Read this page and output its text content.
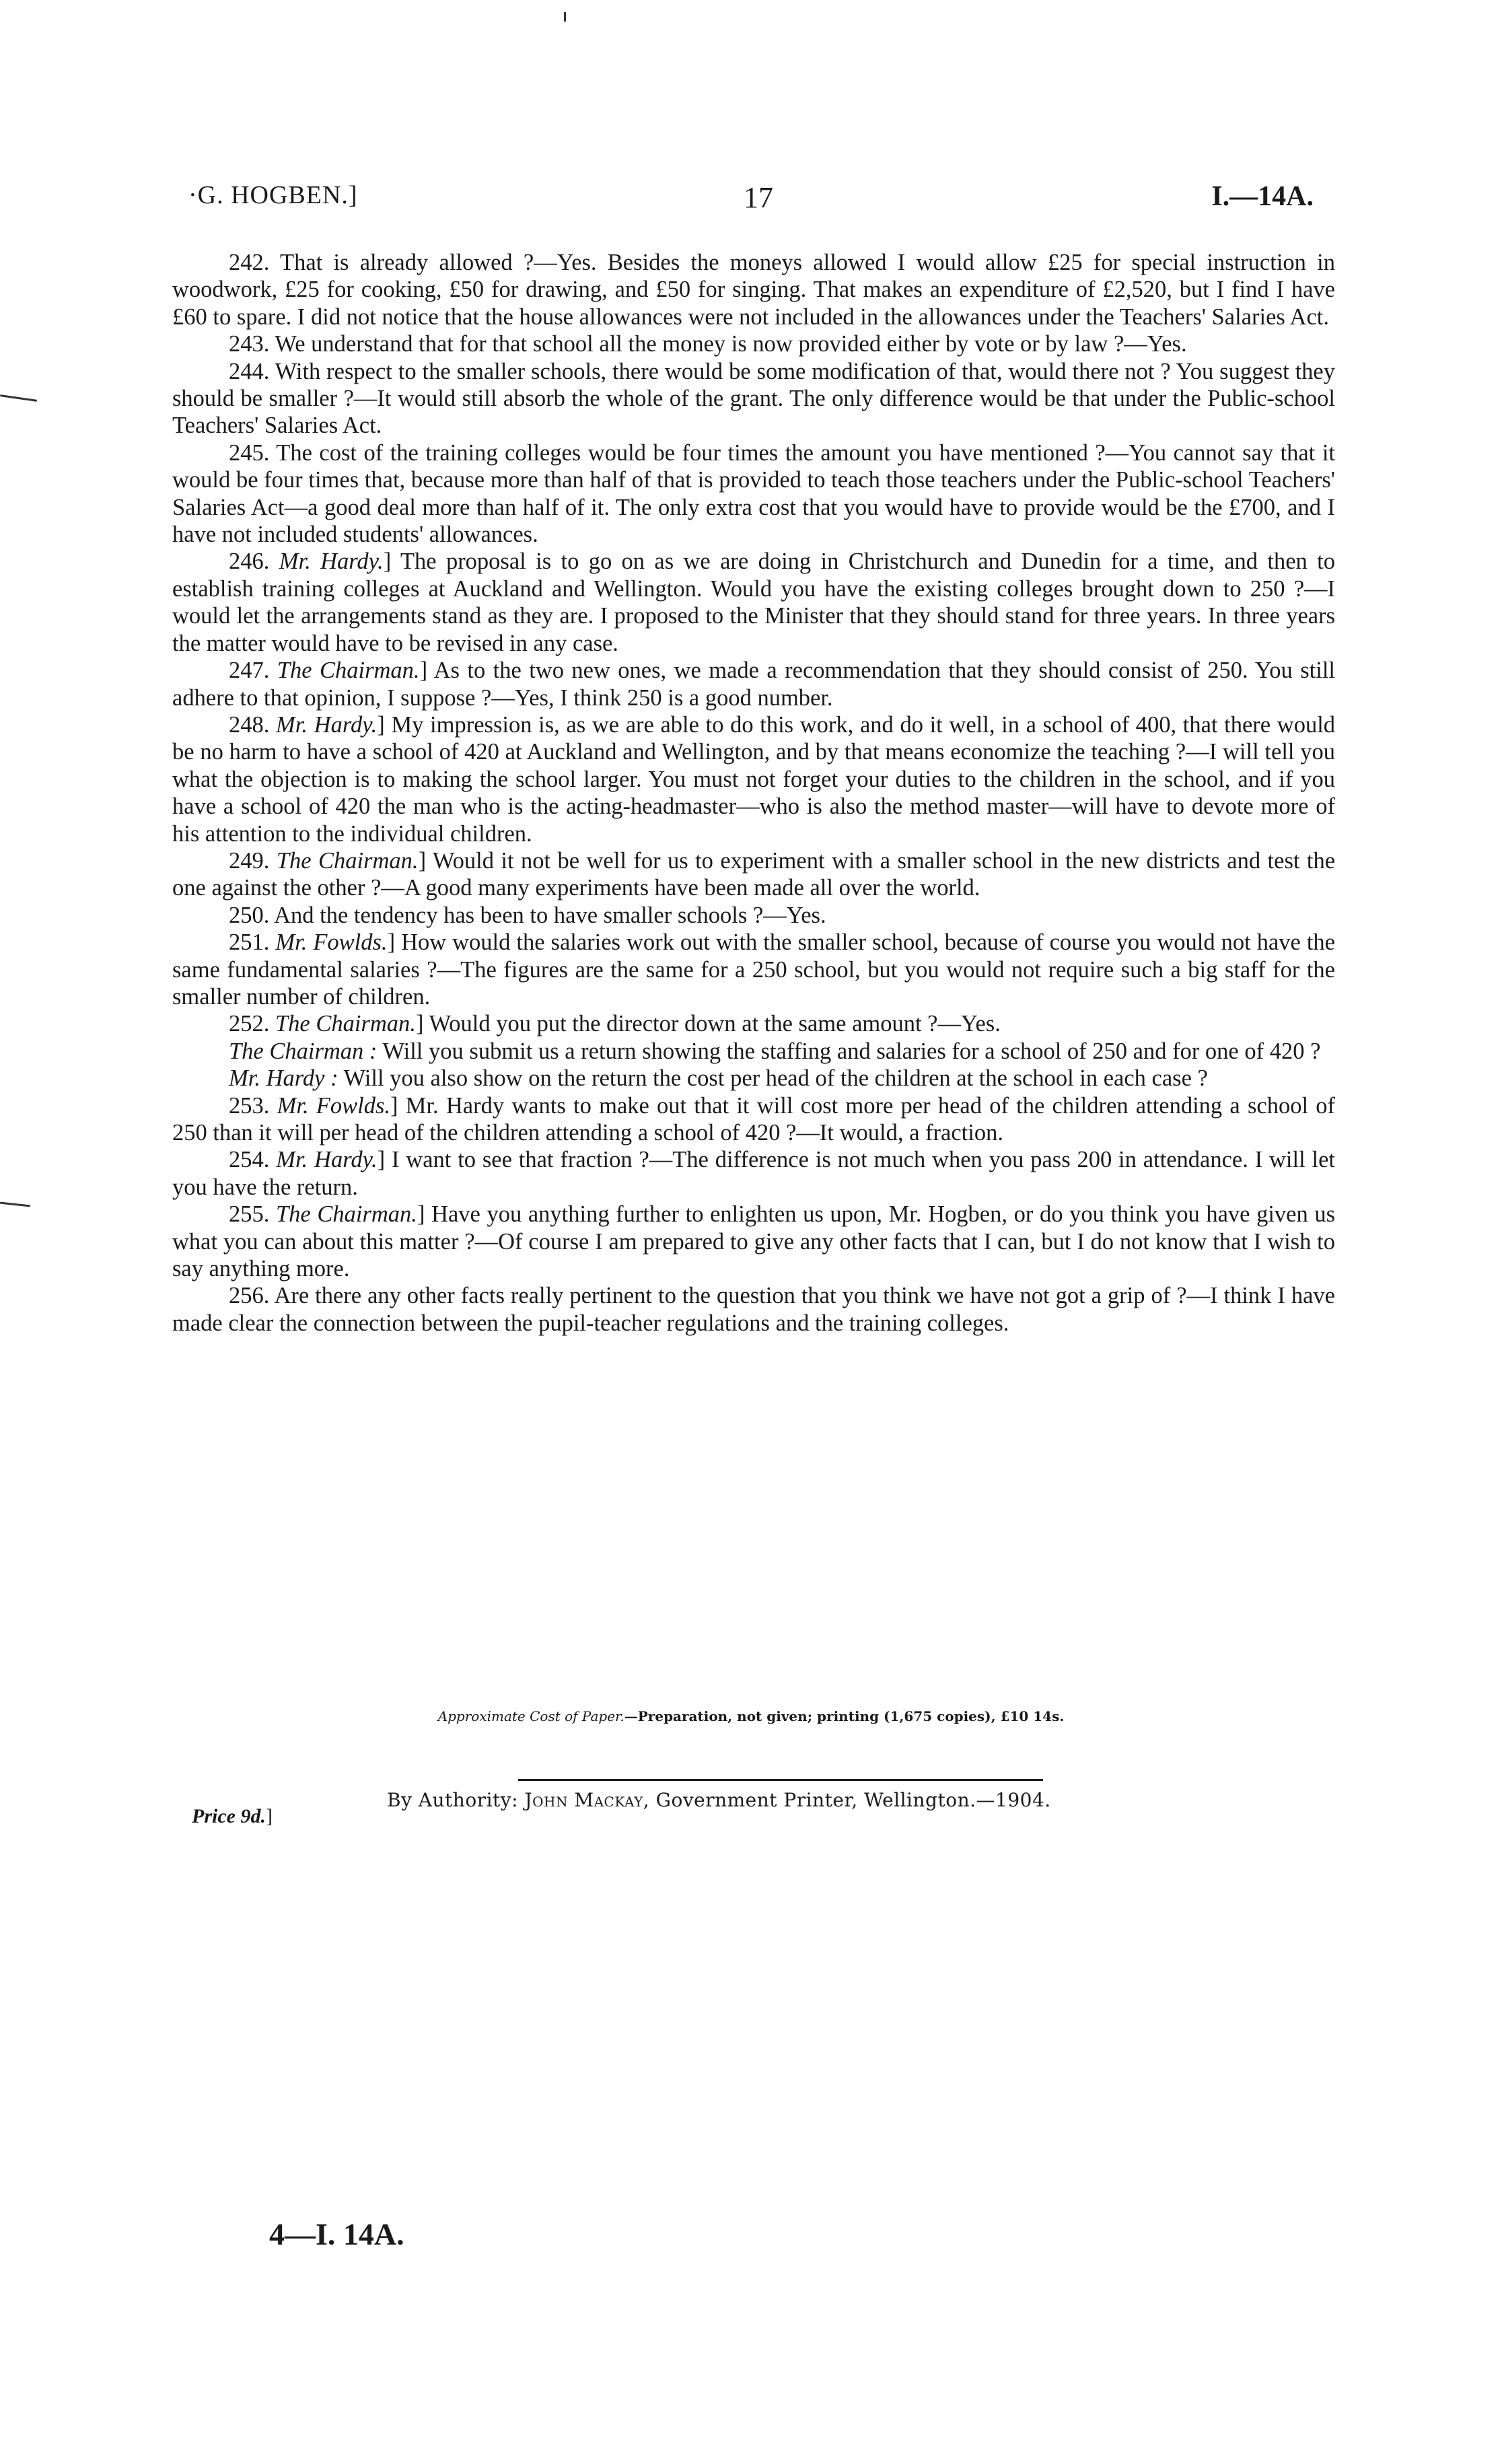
·G. HOGBEN.]	17	I.—14A.

242. That is already allowed ?—Yes. Besides the moneys allowed I would allow £25 for special instruction in woodwork, £25 for cooking, £50 for drawing, and £50 for singing. That makes an expenditure of £2,520, but I find I have £60 to spare. I did not notice that the house allowances were not included in the allowances under the Teachers' Salaries Act.

243. We understand that for that school all the money is now provided either by vote or by law ?—Yes.

244. With respect to the smaller schools, there would be some modification of that, would there not ? You suggest they should be smaller ?—It would still absorb the whole of the grant. The only difference would be that under the Public-school Teachers' Salaries Act.

245. The cost of the training colleges would be four times the amount you have mentioned ?—You cannot say that it would be four times that, because more than half of that is provided to teach those teachers under the Public-school Teachers' Salaries Act—a good deal more than half of it. The only extra cost that you would have to provide would be the £700, and I have not included students' allowances.

246. Mr. Hardy.] The proposal is to go on as we are doing in Christchurch and Dunedin for a time, and then to establish training colleges at Auckland and Wellington. Would you have the existing colleges brought down to 250 ?—I would let the arrangements stand as they are. I proposed to the Minister that they should stand for three years. In three years the matter would have to be revised in any case.

247. The Chairman.] As to the two new ones, we made a recommendation that they should consist of 250. You still adhere to that opinion, I suppose ?—Yes, I think 250 is a good number.

248. Mr. Hardy.] My impression is, as we are able to do this work, and do it well, in a school of 400, that there would be no harm to have a school of 420 at Auckland and Wellington, and by that means economize the teaching ?—I will tell you what the objection is to making the school larger. You must not forget your duties to the children in the school, and if you have a school of 420 the man who is the acting-headmaster—who is also the method master—will have to devote more of his attention to the individual children.

249. The Chairman.] Would it not be well for us to experiment with a smaller school in the new districts and test the one against the other ?—A good many experiments have been made all over the world.

250. And the tendency has been to have smaller schools ?—Yes.

251. Mr. Fowlds.] How would the salaries work out with the smaller school, because of course you would not have the same fundamental salaries ?—The figures are the same for a 250 school, but you would not require such a big staff for the smaller number of children.

252. The Chairman.] Would you put the director down at the same amount ?—Yes.

The Chairman : Will you submit us a return showing the staffing and salaries for a school of 250 and for one of 420 ?

Mr. Hardy : Will you also show on the return the cost per head of the children at the school in each case ?

253. Mr. Fowlds.] Mr. Hardy wants to make out that it will cost more per head of the children attending a school of 250 than it will per head of the children attending a school of 420 ?—It would, a fraction.

254. Mr. Hardy.] I want to see that fraction ?—The difference is not much when you pass 200 in attendance. I will let you have the return.

255. The Chairman.] Have you anything further to enlighten us upon, Mr. Hogben, or do you think you have given us what you can about this matter ?—Of course I am prepared to give any other facts that I can, but I do not know that I wish to say anything more.

256. Are there any other facts really pertinent to the question that you think we have not got a grip of ?—I think I have made clear the connection between the pupil-teacher regulations and the training colleges.

Approximate Cost of Paper.—Preparation, not given; printing (1,675 copies), £10 14s.
By Authority: John Mackay, Government Printer, Wellington.—1904.
Price 9d.]
4—I. 14A.
